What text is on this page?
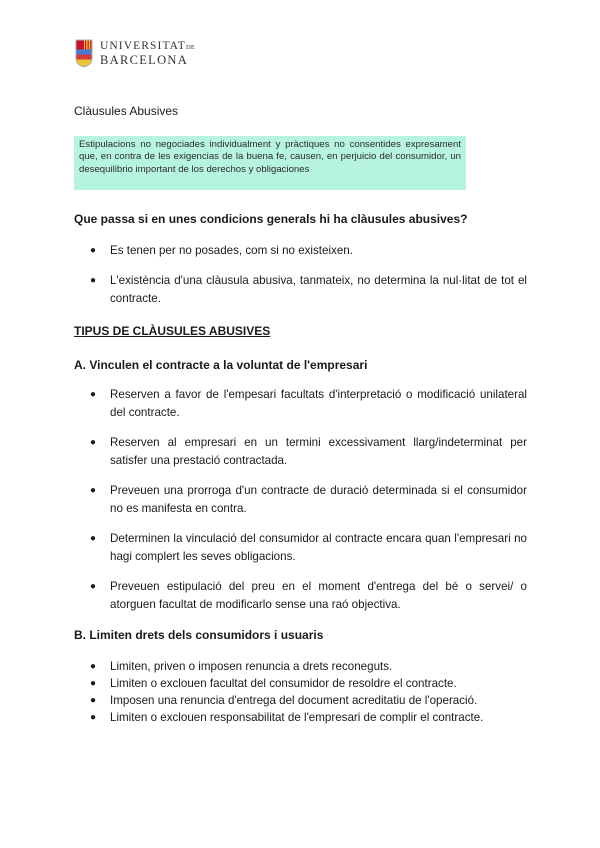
UNIVERSITATDE
BARCELONA

Clàusules Abusives

Estipulacions no negociades individualment y pràctiques no consentides expresament que, en contra de les exigencias de la buena fe, causen, en perjuicio del consumidor, un desequilibrio important de los derechos y obligaciones

Que passa si en unes condicions generals hi ha clàusules abusives?

● Es tenen per no posades, com si no existeixen.
● L'existència d'una clàusula abusiva, tanmateix, no determina la nul·litat de tot el contracte.

TIPUS DE CLÀUSULES ABUSIVES

A. Vinculen el contracte a la voluntat de l'empresari

● Reserven a favor de l'empesari facultats d'interpretació o modificació unilateral del contracte.
● Reserven al empresari en un termini excessivament llarg/indeterminat per satisfer una prestació contractada.
● Preveuen una prorroga d'un contracte de duració determinada si el consumidor no es manifesta en contra.
● Determinen la vinculació del consumidor al contracte encara quan l'empresari no hagi complert les seves obligacions.
● Preveuen estipulació del preu en el moment d'entrega del bé o servei/ o atorguen facultat de modificarlo sense una raó objectiva.

B. Limiten drets dels consumidors i usuaris

● Limiten, priven o imposen renuncia a drets reconeguts.
● Limiten o exclouen facultat del consumidor de resoldre el contracte.
● Imposen una renuncia d'entrega del document acreditatiu de l'operació.
● Limiten o exclouen responsabilitat de l'empresari de complir el contracte.
